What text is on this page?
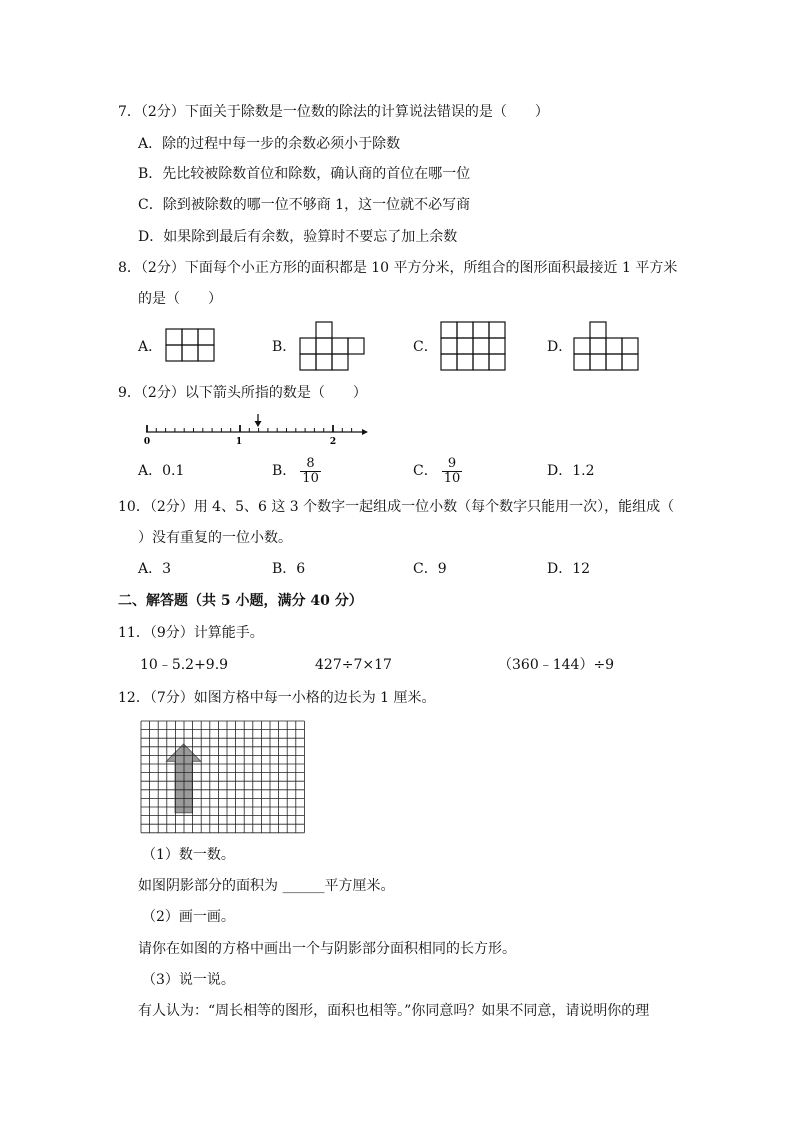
7．（2分）下面关于除数是一位数的除法的计算说法错误的是（　　）
A．除的过程中每一步的余数必须小于除数
B．先比较被除数首位和除数，确认商的首位在哪一位
C．除到被除数的哪一位不够商 1，这一位就不必写商
D．如果除到最后有余数，验算时不要忘了加上余数
8．（2分）下面每个小正方形的面积都是 10 平方分米，所组合的图形面积最接近 1 平方米
的是（　　）
A．	B．	C．	D．
9．（2分）以下箭头所指的数是（　　）
0	1	2
A．0.1	B． $\frac{8}{10}$	C． $\frac{9}{10}$	D．1.2
10．（2分）用 4、5、6 这 3 个数字一起组成一位小数（每个数字只能用一次），能组成（
）没有重复的一位小数。
A．3	B．6	C．9	D．12
二、解答题（共 5 小题，满分 40 分）
11．（9分）计算能手。
10﹣5.2+9.9	427÷7×17	（360﹣144）÷9
12．（7分）如图方格中每一小格的边长为 1 厘米。
（1）数一数。
如图阴影部分的面积为 ______平方厘米。
（2）画一画。
请你在如图的方格中画出一个与阴影部分面积相同的长方形。
（3）说一说。
有人认为：“周长相等的图形，面积也相等。”你同意吗？如果不同意，请说明你的理
